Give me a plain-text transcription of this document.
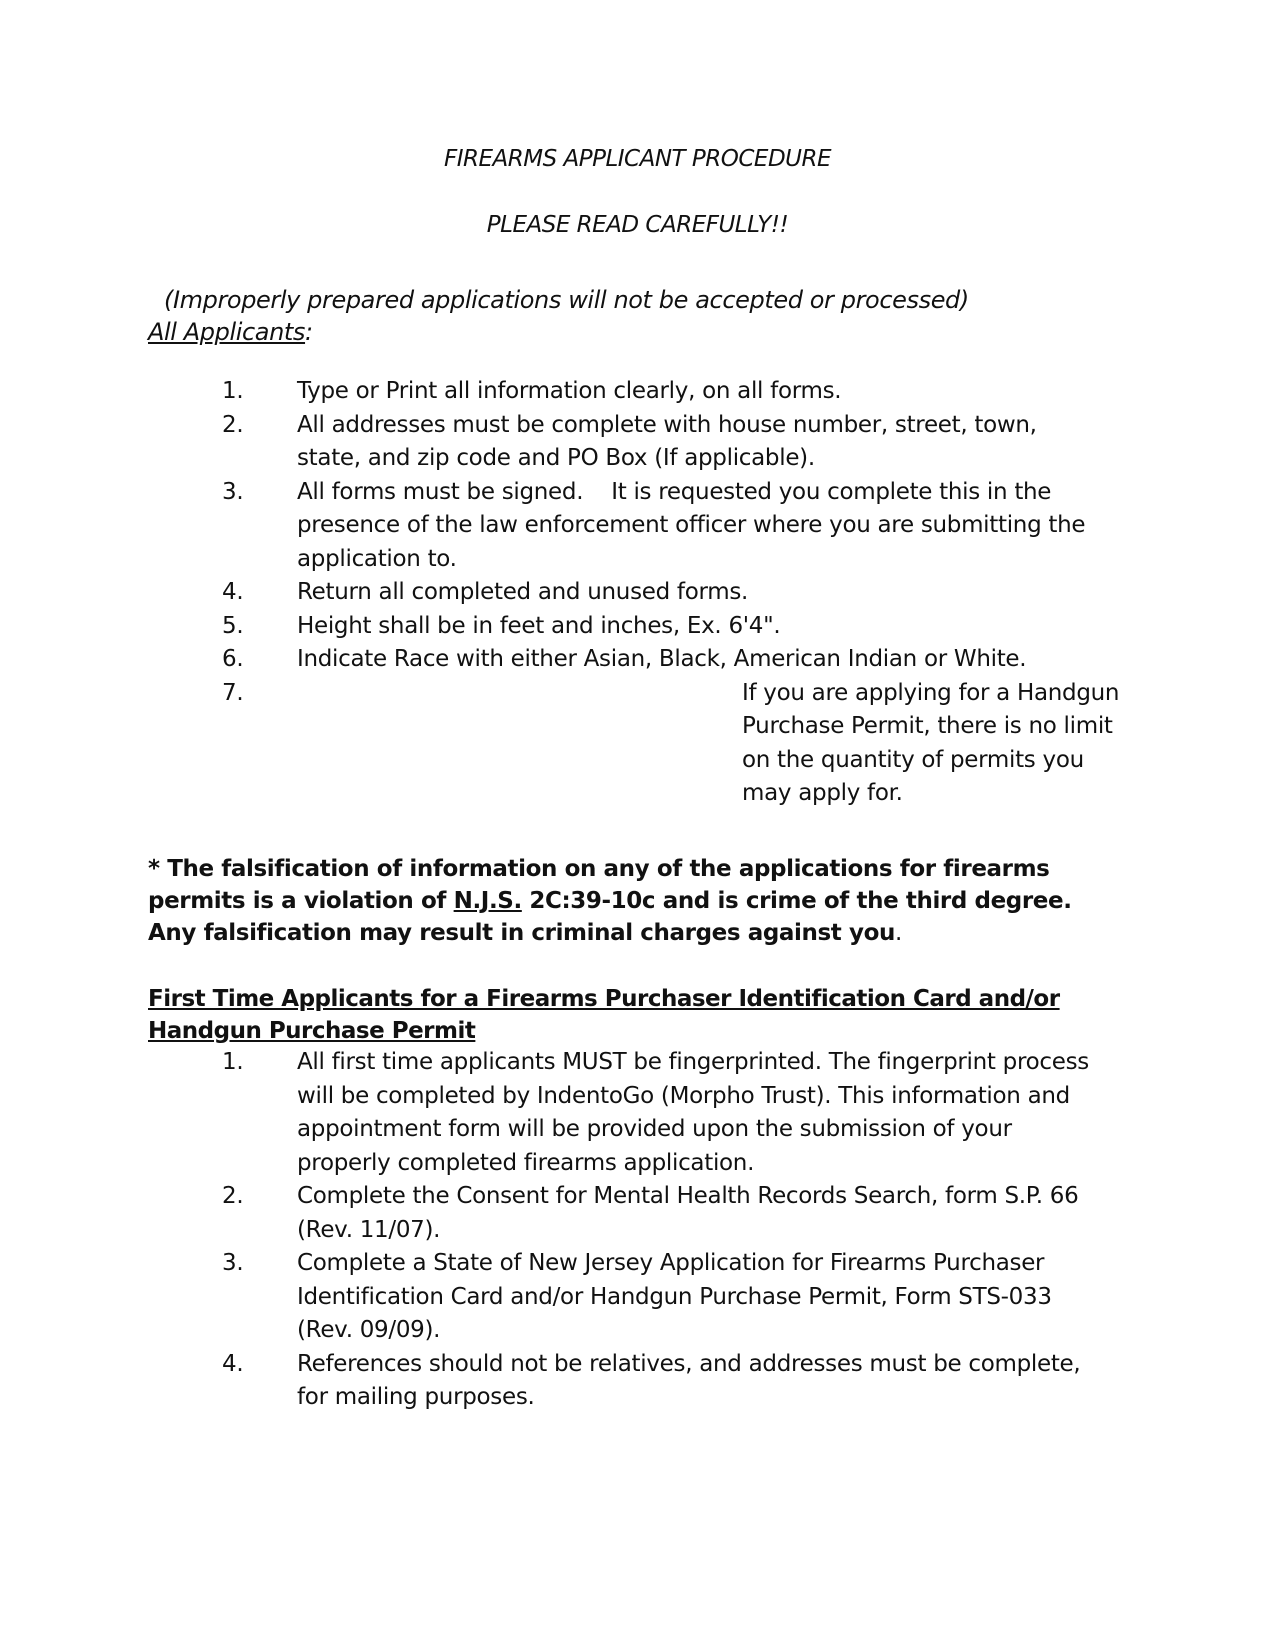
FIREARMS APPLICANT PROCEDURE
PLEASE READ CAREFULLY!!
(Improperly prepared applications will not be accepted or processed)
All Applicants:
1. Type or Print all information clearly, on all forms.
2. All addresses must be complete with house number, street, town, state, and zip code and PO Box (If applicable).
3. All forms must be signed.    It is requested you complete this in the presence of the law enforcement officer where you are submitting the application to.
4. Return all completed and unused forms.
5. Height shall be in feet and inches, Ex. 6'4".
6. Indicate Race with either Asian, Black, American Indian or White.
7.	If you are applying for a Handgun Purchase Permit, there is no limit on the quantity of permits you may apply for.
* The falsification of information on any of the applications for firearms permits is a violation of N.J.S. 2C:39-10c and is crime of the third degree.    Any falsification may result in criminal charges against you.
First Time Applicants for a Firearms Purchaser Identification Card and/or Handgun Purchase Permit
1. All first time applicants MUST be fingerprinted. The fingerprint process will be completed by IndentoGo (Morpho Trust). This information and appointment form will be provided upon the submission of your properly completed firearms application.
2. Complete the Consent for Mental Health Records Search, form S.P. 66 (Rev. 11/07).
3. Complete a State of New Jersey Application for Firearms Purchaser Identification Card and/or Handgun Purchase Permit, Form STS-033 (Rev. 09/09).
4. References should not be relatives, and addresses must be complete, for mailing purposes.
